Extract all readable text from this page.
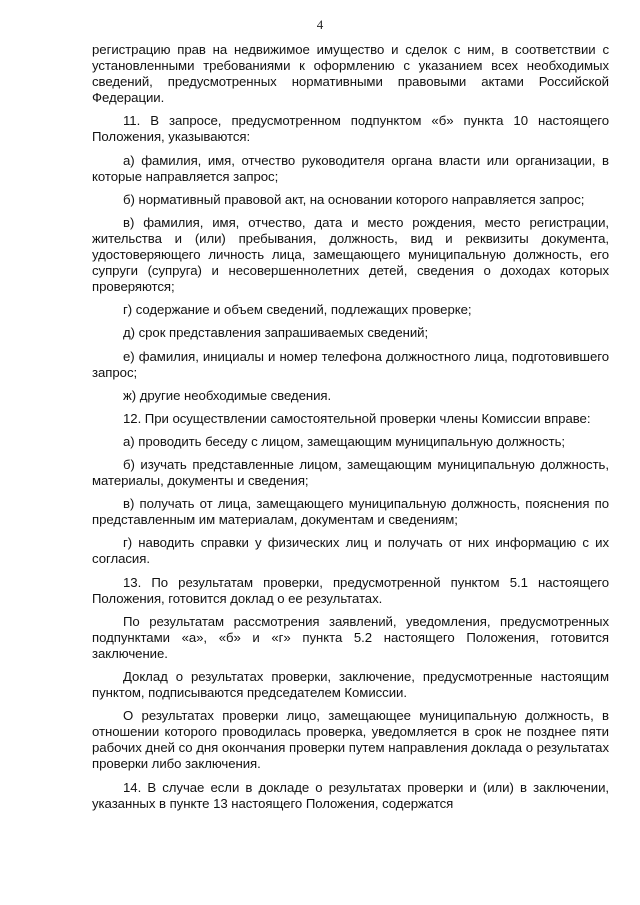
4

регистрацию прав на недвижимое имущество и сделок с ним, в соответствии с установленными требованиями к оформлению с указанием всех необходимых сведений, предусмотренных нормативными правовыми актами Российской Федерации.

11. В запросе, предусмотренном подпунктом «б» пункта 10 настоящего Положения, указываются:

а) фамилия, имя, отчество руководителя органа власти или организации, в которые направляется запрос;

б) нормативный правовой акт, на основании которого направляется запрос;

в) фамилия, имя, отчество, дата и место рождения, место регистрации, жительства и (или) пребывания, должность, вид и реквизиты документа, удостоверяющего личность лица, замещающего муниципальную должность, его супруги (супруга) и несовершеннолетних детей, сведения о доходах которых проверяются;

г) содержание и объем сведений, подлежащих проверке;

д) срок представления запрашиваемых сведений;

е) фамилия, инициалы и номер телефона должностного лица, подготовившего запрос;

ж) другие необходимые сведения.

12. При осуществлении самостоятельной проверки члены Комиссии вправе:

а) проводить беседу с лицом, замещающим муниципальную должность;

б) изучать представленные лицом, замещающим муниципальную должность, материалы, документы и сведения;

в) получать от лица, замещающего муниципальную должность, пояснения по представленным им материалам, документам и сведениям;

г) наводить справки у физических лиц и получать от них информацию с их согласия.

13. По результатам проверки, предусмотренной пунктом 5.1 настоящего Положения, готовится доклад о ее результатах.

По результатам рассмотрения заявлений, уведомления, предусмотренных подпунктами «а», «б» и «г» пункта 5.2 настоящего Положения, готовится заключение.

Доклад о результатах проверки, заключение, предусмотренные настоящим пунктом, подписываются председателем Комиссии.

О результатах проверки лицо, замещающее муниципальную должность, в отношении которого проводилась проверка, уведомляется в срок не позднее пяти рабочих дней со дня окончания проверки путем направления доклада о результатах проверки либо заключения.

14. В случае если в докладе о результатах проверки и (или) в заключении, указанных в пункте 13 настоящего Положения, содержатся
